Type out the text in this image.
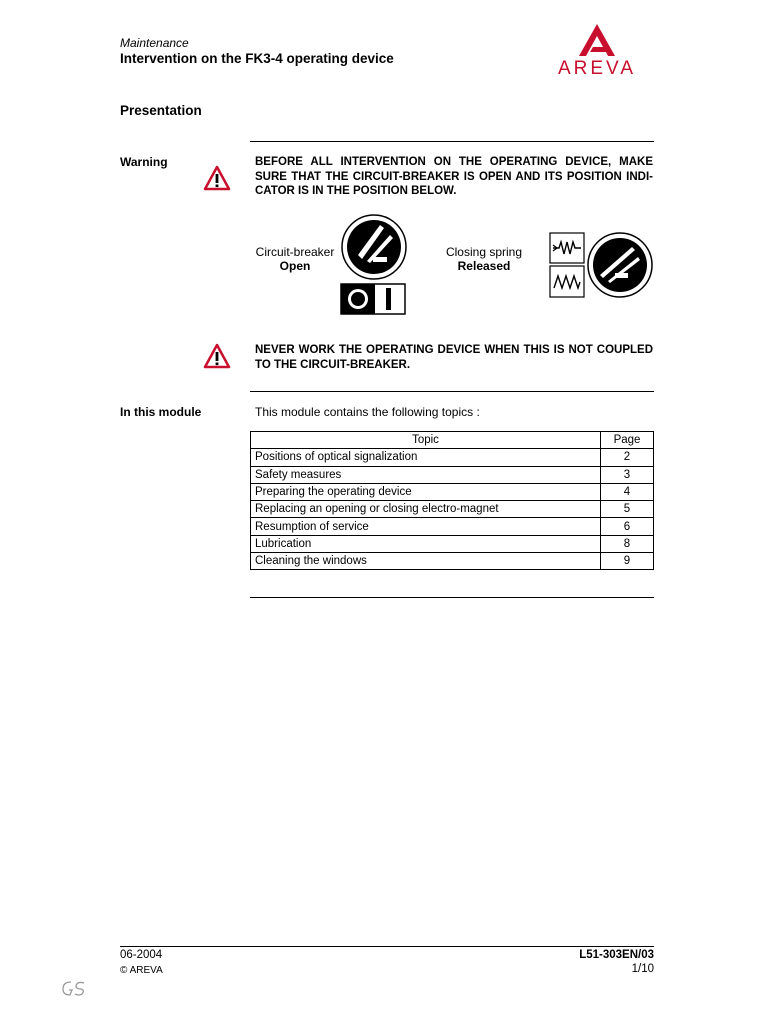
Maintenance
Intervention on the FK3-4 operating device	AREVA
Presentation
Warning	BEFORE ALL INTERVENTION ON THE OPERATING DEVICE, MAKE SURE THAT THE CIRCUIT-BREAKER IS OPEN AND ITS POSITION INDI-CATOR IS IN THE POSITION BELOW.
Circuit-breaker
Open
Closing spring
Released
NEVER WORK THE OPERATING DEVICE WHEN THIS IS NOT COUPLED TO THE CIRCUIT-BREAKER.
In this module	This module contains the following topics :
Topic	Page
Positions of optical signalization	2
Safety measures	3
Preparing the operating device	4
Replacing an opening or closing electro-magnet	5
Resumption of service	6
Lubrication	8
Cleaning the windows	9
06-2004
© AREVA
L51-303EN/03
1/10
